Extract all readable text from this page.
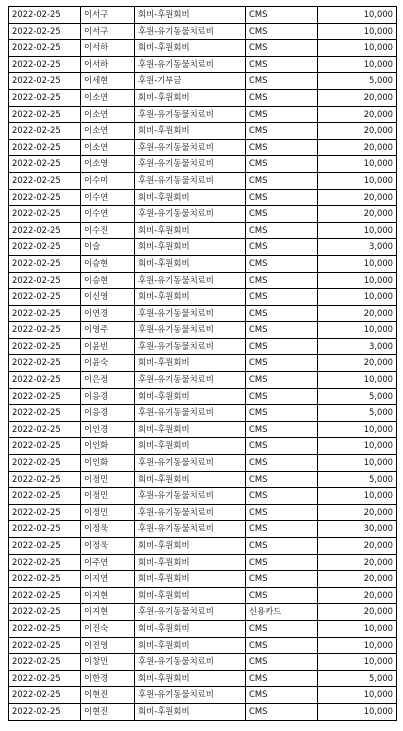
2022-02-25	이서구	회비-후원회비	CMS	10,000
2022-02-25	이서구	후원-유기동물치료비	CMS	10,000
2022-02-25	이서하	회비-후원회비	CMS	10,000
2022-02-25	이서하	후원-유기동물치료비	CMS	10,000
2022-02-25	이세현	후원-기부금	CMS	5,000
2022-02-25	이소연	회비-후원회비	CMS	20,000
2022-02-25	이소연	후원-유기동물치료비	CMS	20,000
2022-02-25	이소연	회비-후원회비	CMS	20,000
2022-02-25	이소연	후원-유기동물치료비	CMS	20,000
2022-02-25	이소영	후원-유기동물치료비	CMS	10,000
2022-02-25	이수미	후원-유기동물치료비	CMS	10,000
2022-02-25	이수연	회비-후원회비	CMS	20,000
2022-02-25	이수연	후원-유기동물치료비	CMS	20,000
2022-02-25	이수진	회비-후원회비	CMS	10,000
2022-02-25	이슬	회비-후원회비	CMS	3,000
2022-02-25	이승현	회비-후원회비	CMS	10,000
2022-02-25	이승현	후원-유기동물치료비	CMS	10,000
2022-02-25	이신영	회비-후원회비	CMS	10,000
2022-02-25	이연경	후원-유기동물치료비	CMS	20,000
2022-02-25	이영주	후원-유기동물치료비	CMS	10,000
2022-02-25	이윤빈	후원-유기동물치료비	CMS	3,000
2022-02-25	이윤숙	회비-후원회비	CMS	20,000
2022-02-25	이은정	후원-유기동물치료비	CMS	10,000
2022-02-25	이응경	회비-후원회비	CMS	5,000
2022-02-25	이응경	후원-유기동물치료비	CMS	5,000
2022-02-25	이인경	회비-후원회비	CMS	10,000
2022-02-25	이인화	회비-후원회비	CMS	10,000
2022-02-25	이인화	후원-유기동물치료비	CMS	10,000
2022-02-25	이정민	회비-후원회비	CMS	5,000
2022-02-25	이정민	후원-유기동물치료비	CMS	10,000
2022-02-25	이정민	후원-유기동물치료비	CMS	20,000
2022-02-25	이정욱	후원-유기동물치료비	CMS	30,000
2022-02-25	이정욱	회비-후원회비	CMS	20,000
2022-02-25	이주연	회비-후원회비	CMS	20,000
2022-02-25	이지연	회비-후원회비	CMS	20,000
2022-02-25	이지현	회비-후원회비	CMS	20,000
2022-02-25	이지현	후원-유기동물치료비	신용카드	20,000
2022-02-25	이진숙	회비-후원회비	CMS	10,000
2022-02-25	이진영	회비-후원회비	CMS	10,000
2022-02-25	이창민	후원-유기동물치료비	CMS	10,000
2022-02-25	이한경	회비-후원회비	CMS	5,000
2022-02-25	이현진	후원-유기동물치료비	CMS	10,000
2022-02-25	이현진	회비-후원회비	CMS	10,000
